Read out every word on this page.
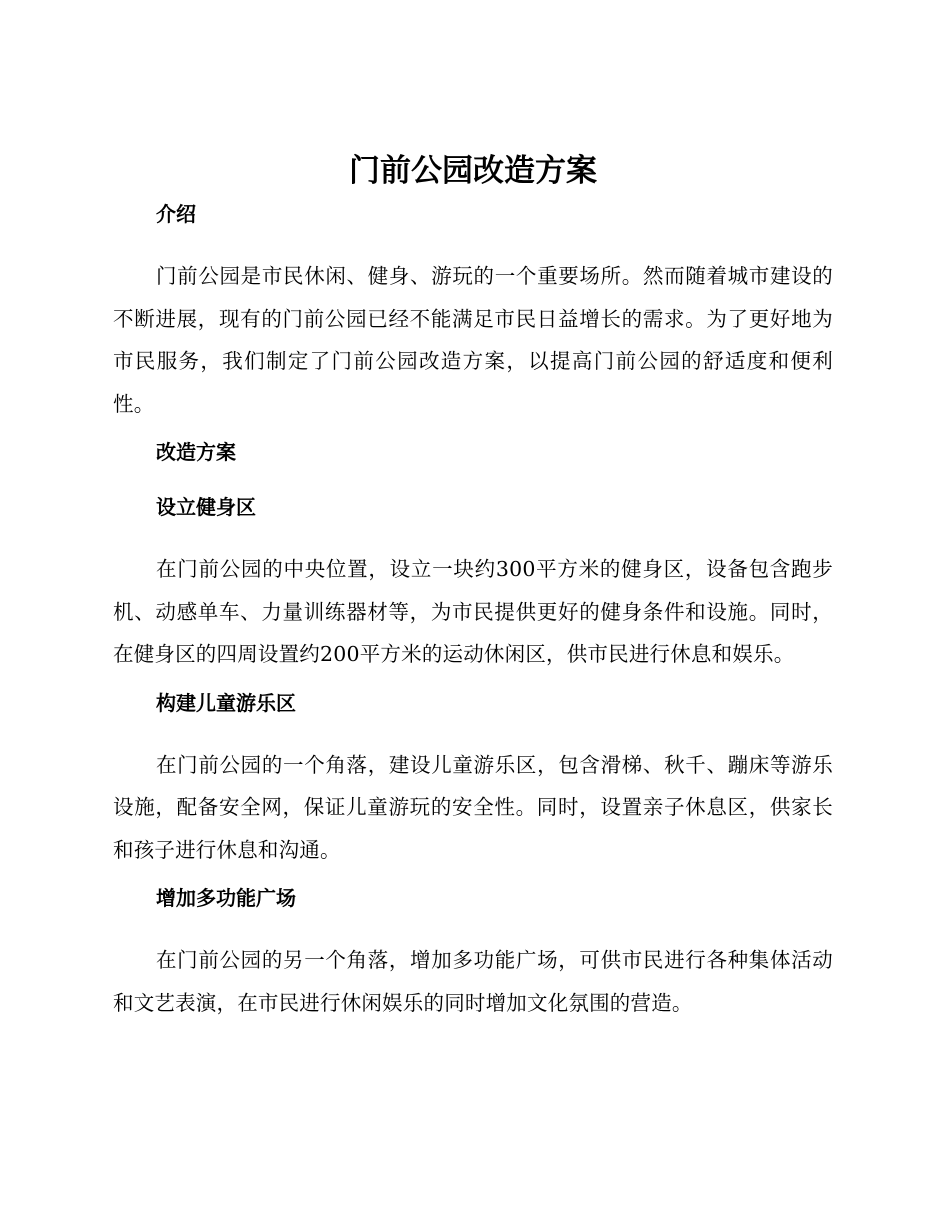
门前公园改造方案
介绍

门前公园是市民休闲、健身、游玩的一个重要场所。然而随着城市建设的不断进展，现有的门前公园已经不能满足市民日益增长的需求。为了更好地为市民服务，我们制定了门前公园改造方案，以提高门前公园的舒适度和便利性。

改造方案
设立健身区

在门前公园的中央位置，设立一块约300平方米的健身区，设备包含跑步机、动感单车、力量训练器材等，为市民提供更好的健身条件和设施。同时，在健身区的四周设置约200平方米的运动休闲区，供市民进行休息和娱乐。

构建儿童游乐区

在门前公园的一个角落，建设儿童游乐区，包含滑梯、秋千、蹦床等游乐设施，配备安全网，保证儿童游玩的安全性。同时，设置亲子休息区，供家长和孩子进行休息和沟通。

增加多功能广场

在门前公园的另一个角落，增加多功能广场，可供市民进行各种集体活动和文艺表演，在市民进行休闲娱乐的同时增加文化氛围的营造。
